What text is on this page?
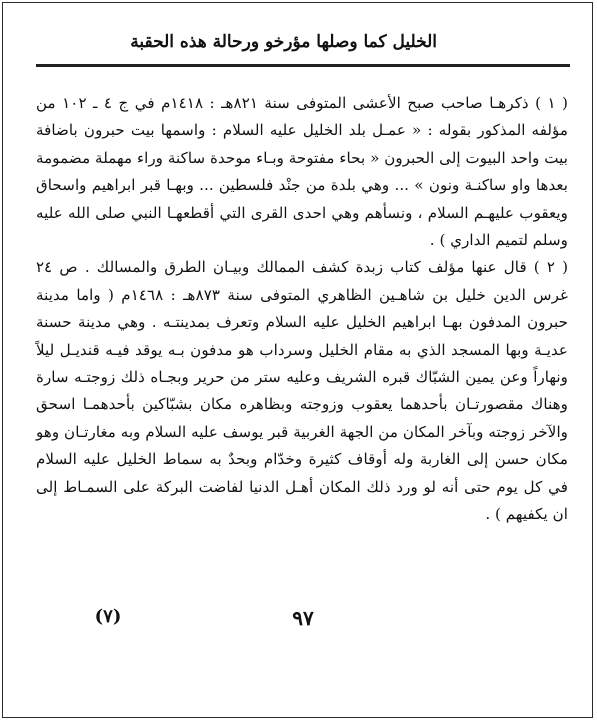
الخليل كما وصلها مؤرخو ورحالة هذه الحقبة

( ١ ) ذكرهـا صاحب صبح الأعشى المتوفى سنة ٨٢١هـ : ١٤١٨م في ج ٤ ـ ١٠٢ من مؤلفه المذكور بقوله : « عمـل بلد الخليل عليه السلام : واسمها بيت حبرون باضافة بيت واحد البيوت إلى الحبرون « بحاء مفتوحة وبـاء موحدة ساكنة وراء مهملة مضمومة بعدها واو ساكنـة ونون » ... وهي بلدة من جنْد فلسطين ... وبهـا قبر ابراهيم واسحاق ويعقوب عليهـم السلام ، ونسأهم وهي احدى القرى التي أقطعهـا النبي صلى الله عليه وسلم لتميم الداري ) .

( ٢ ) قال عنها مؤلف كتاب زبدة كشف الممالك وبيـان الطرق والمسالك . ص ٢٤ غرس الدين خليل بن شاهـين الظاهري المتوفى سنة ٨٧٣هـ : ١٤٦٨م ( واما مدينة حبرون المدفون بهـا ابراهيم الخليل عليه السلام وتعرف بمدينتـه . وهي مدينة حسنة عديـة وبها المسجد الذي به مقام الخليل وسرداب هو مدفون بـه يوقد فيـه قنديـل ليلاً ونهاراً وعن يمين الشبّاك قبره الشريف وعليه ستر من حرير وبجـاه ذلك زوجتـه سارة وهناك مقصورتـان بأحدهما يعقوب وزوجته وبظاهره مكان بشبّاكين بأحدهمـا اسحق والآخر زوجته وبآخر المكان من الجهة الغربية قبر يوسف عليه السلام وبه مغارتـان وهو مكان حسن إلى الغاربة وله أوقاف كثيرة وخدّام وبحدٌ به سماط الخليل عليه السلام في كل يوم حتى أنه لو ورد ذلك المكان أهـل الدنيا لفاضت البركة على السمـاط إلى ان يكفيهم ) .

٩٧
(٧)
